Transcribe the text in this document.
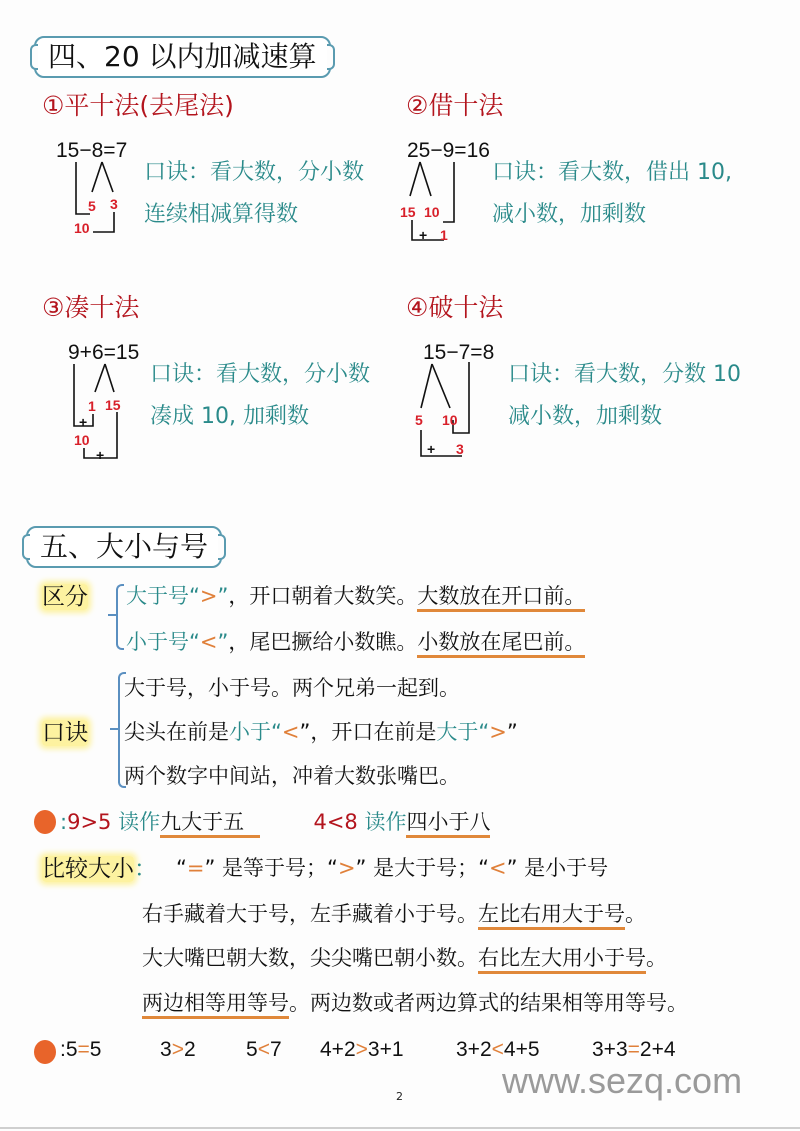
四、20 以内加减速算
①平十法(去尾法)
15−8=7
5 3
10
口诀：看大数，分小数
连续相减算得数
②借十法
25−9=16
15 10
+ 1
口诀：看大数，借出 10,
减小数，加剩数
③凑十法
9+6=15
1 15
+
10
+
口诀：看大数，分小数
凑成 10, 加剩数
④破十法
15−7=8
5 10
+ 3
口诀：看大数，分数 10
减小数，加剩数
五、大小与号
区分 大于号“>”，开口朝着大数笑。大数放在开口前。
小于号“<”，尾巴撅给小数瞧。小数放在尾巴前。
口诀
大于号，小于号。两个兄弟一起到。
尖头在前是小于“<”，开口在前是大于“>”
两个数字中间站，冲着大数张嘴巴。
:9>5 读作九大于五	4<8 读作四小于八
比较大小： “=” 是等于号；“>” 是大于号；“<” 是小于号
右手藏着大于号，左手藏着小于号。左比右用大于号。
大大嘴巴朝大数，尖尖嘴巴朝小数。右比左大用小于号。
两边相等用等号。两边数或者两边算式的结果相等用等号。
:5=5	3>2 5<7 4+2>3+1 3+2<4+5 3+3=2+4
www.sezq.com
2
